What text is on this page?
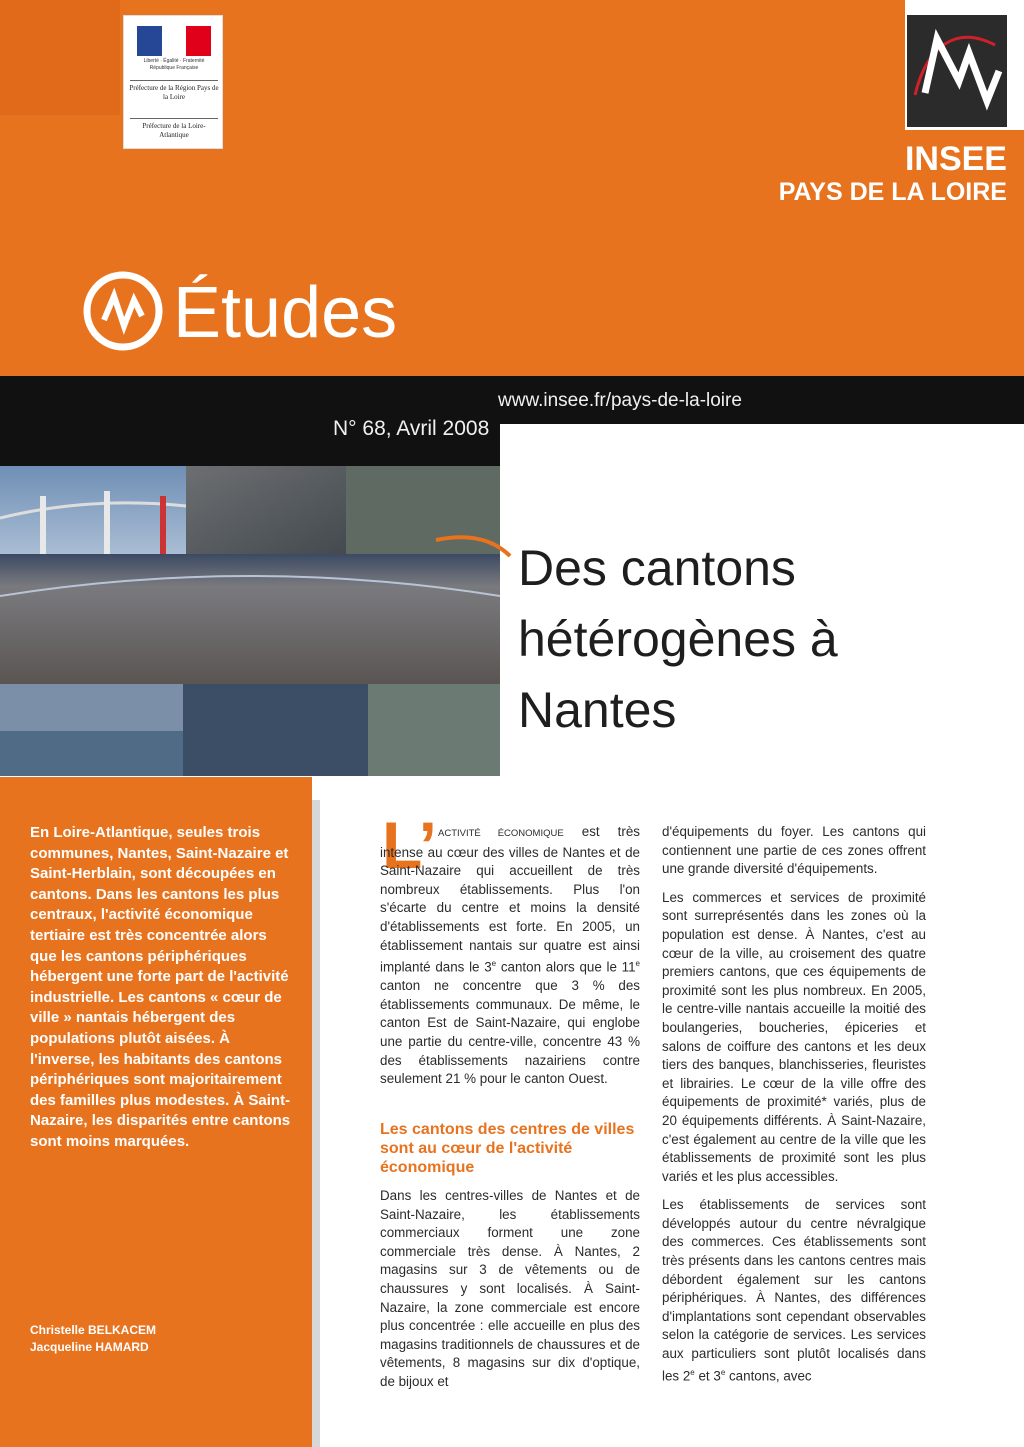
Liberté · Égalité · Fraternité
République Française
Préfecture de la Région Pays de la Loire
Préfecture de la Loire-Atlantique
INSEE
PAYS DE LA LOIRE
Études
www.insee.fr/pays-de-la-loire
N° 68, Avril 2008
Des cantons
hétérogènes à Nantes
En Loire-Atlantique, seules trois communes, Nantes, Saint-Nazaire et Saint-Herblain, sont découpées en cantons. Dans les cantons les plus centraux, l'activité économique tertiaire est très concentrée alors que les cantons périphériques hébergent une forte part de l'activité industrielle. Les cantons « cœur de ville » nantais hébergent des populations plutôt aisées. À l'inverse, les habitants des cantons périphériques sont majoritairement des familles plus modestes. À Saint-Nazaire, les disparités entre cantons sont moins marquées.
Christelle BELKACEM
Jacqueline HAMARD
L’ ACTIVITÉ ÉCONOMIQUE est très intense au cœur des villes de Nantes et de Saint-Nazaire qui accueillent de très nombreux établissements. Plus l'on s'écarte du centre et moins la densité d'établissements est forte. En 2005, un établissement nantais sur quatre est ainsi implanté dans le 3e canton alors que le 11e canton ne concentre que 3 % des établissements communaux. De même, le canton Est de Saint-Nazaire, qui englobe une partie du centre-ville, concentre 43 % des établissements nazairiens contre seulement 21 % pour le canton Ouest.

Les cantons des centres de villes sont au cœur de l'activité économique
Dans les centres-villes de Nantes et de Saint-Nazaire, les établissements commerciaux forment une zone commerciale très dense. À Nantes, 2 magasins sur 3 de vêtements ou de chaussures y sont localisés. À Saint-Nazaire, la zone commerciale est encore plus concentrée : elle accueille en plus des magasins traditionnels de chaussures et de vêtements, 8 magasins sur dix d'optique, de bijoux et

d'équipements du foyer. Les cantons qui contiennent une partie de ces zones offrent une grande diversité d'équipements.

Les commerces et services de proximité sont surreprésentés dans les zones où la population est dense. À Nantes, c'est au cœur de la ville, au croisement des quatre premiers cantons, que ces équipements de proximité sont les plus nombreux. En 2005, le centre-ville nantais accueille la moitié des boulangeries, boucheries, épiceries et salons de coiffure des cantons et les deux tiers des banques, blanchisseries, fleuristes et librairies. Le cœur de la ville offre des équipements de proximité* variés, plus de 20 équipements différents. À Saint-Nazaire, c'est également au centre de la ville que les établissements de proximité sont les plus variés et les plus accessibles.

Les établissements de services sont développés autour du centre névralgique des commerces. Ces établissements sont très présents dans les cantons centres mais débordent également sur les cantons périphériques. À Nantes, des différences d'implantations sont cependant observables selon la catégorie de services. Les services aux particuliers sont plutôt localisés dans les 2e et 3e cantons, avec
